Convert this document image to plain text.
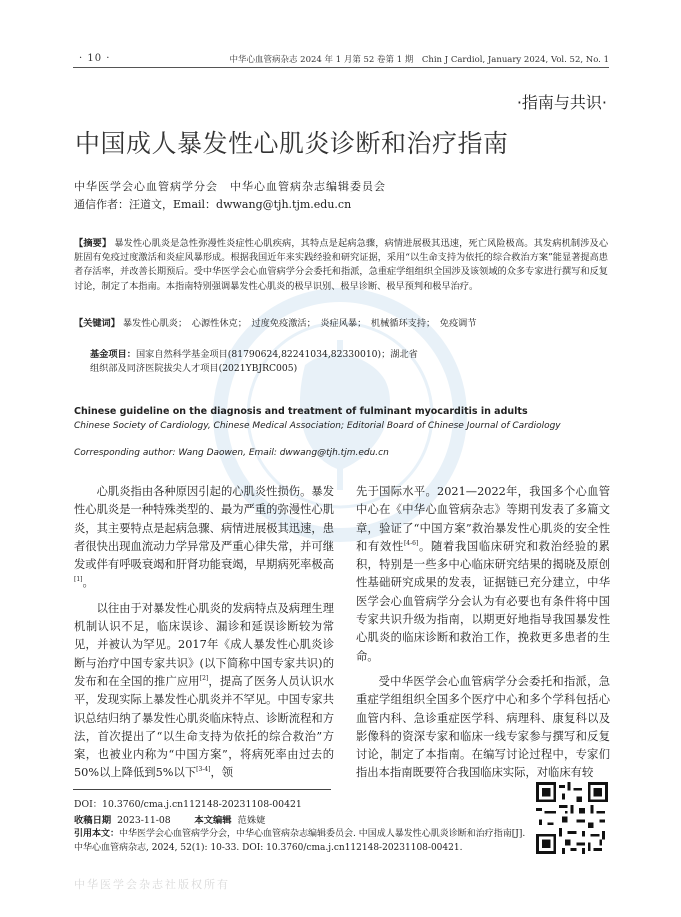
· 10 ·	中华心血管病杂志 2024 年 1 月第 52 卷第 1 期　Chin J Cardiol, January 2024, Vol. 52, No. 1
·指南与共识·
中国成人暴发性心肌炎诊断和治疗指南
中华医学会心血管病学分会　中华心血管病杂志编辑委员会
通信作者：汪道文，Email：dwwang@tjh.tjm.edu.cn
【摘要】 暴发性心肌炎是急性弥漫性炎症性心肌疾病，其特点是起病急骤，病情进展极其迅速，死亡风险极高。其发病机制涉及心脏固有免疫过度激活和炎症风暴形成。根据我国近年来实践经验和研究证据，采用“以生命支持为依托的综合救治方案”能显著提高患者存活率，并改善长期预后。受中华医学会心血管病学分会委托和指派，急重症学组组织全国涉及该领域的众多专家进行撰写和反复讨论，制定了本指南。本指南特别强调暴发性心肌炎的极早识别、极早诊断、极早预判和极早治疗。
【关键词】 暴发性心肌炎；　心源性休克；　过度免疫激活；　炎症风暴；　机械循环支持；　免疫调节
基金项目：国家自然科学基金项目(81790624,82241034,82330010)；湖北省组织部及同济医院拔尖人才项目(2021YBJRC005)
Chinese guideline on the diagnosis and treatment of fulminant myocarditis in adults
Chinese Society of Cardiology, Chinese Medical Association; Editorial Board of Chinese Journal of Cardiology
Corresponding author: Wang Daowen, Email: dwwang@tjh.tjm.edu.cn

心肌炎指由各种原因引起的心肌炎性损伤。暴发性心肌炎是一种特殊类型的、最为严重的弥漫性心肌炎，其主要特点是起病急骤、病情进展极其迅速，患者很快出现血流动力学异常及严重心律失常，并可继发或伴有呼吸衰竭和肝肾功能衰竭，早期病死率极高[1]。

以往由于对暴发性心肌炎的发病特点及病理生理机制认识不足，临床误诊、漏诊和延误诊断较为常见，并被认为罕见。2017年《成人暴发性心肌炎诊断与治疗中国专家共识》(以下简称中国专家共识)的发布和在全国的推广应用[2]，提高了医务人员认识水平，发现实际上暴发性心肌炎并不罕见。中国专家共识总结归纳了暴发性心肌炎临床特点、诊断流程和方法，首次提出了“以生命支持为依托的综合救治”方案，也被业内称为“中国方案”，将病死率由过去的50%以上降低到5%以下[3-4]，领

先于国际水平。2021—2022年，我国多个心血管中心在《中华心血管病杂志》等期刊发表了多篇文章，验证了“中国方案”救治暴发性心肌炎的安全性和有效性[4-6]。随着我国临床研究和救治经验的累积，特别是一些多中心临床研究结果的揭晓及原创性基础研究成果的发表，证据链已充分建立，中华医学会心血管病学分会认为有必要也有条件将中国专家共识升级为指南，以期更好地指导我国暴发性心肌炎的临床诊断和救治工作，挽救更多患者的生命。

受中华医学会心血管病学分会委托和指派，急重症学组组织全国多个医疗中心和多个学科包括心血管内科、急诊重症医学科、病理科、康复科以及影像科的资深专家和临床一线专家参与撰写和反复讨论，制定了本指南。在编写讨论过程中，专家们指出本指南既要符合我国临床实际，对临床有较

DOI：10.3760/cma.j.cn112148-20231108-00421
收稿日期 2023-11-08	本文编辑 范姝婕
引用本文：中华医学会心血管病学分会，中华心血管病杂志编辑委员会. 中国成人暴发性心肌炎诊断和治疗指南[J]. 中华心血管病杂志, 2024, 52(1): 10-33. DOI: 10.3760/cma.j.cn112148-20231108-00421.
中华医学会杂志社版权所有
